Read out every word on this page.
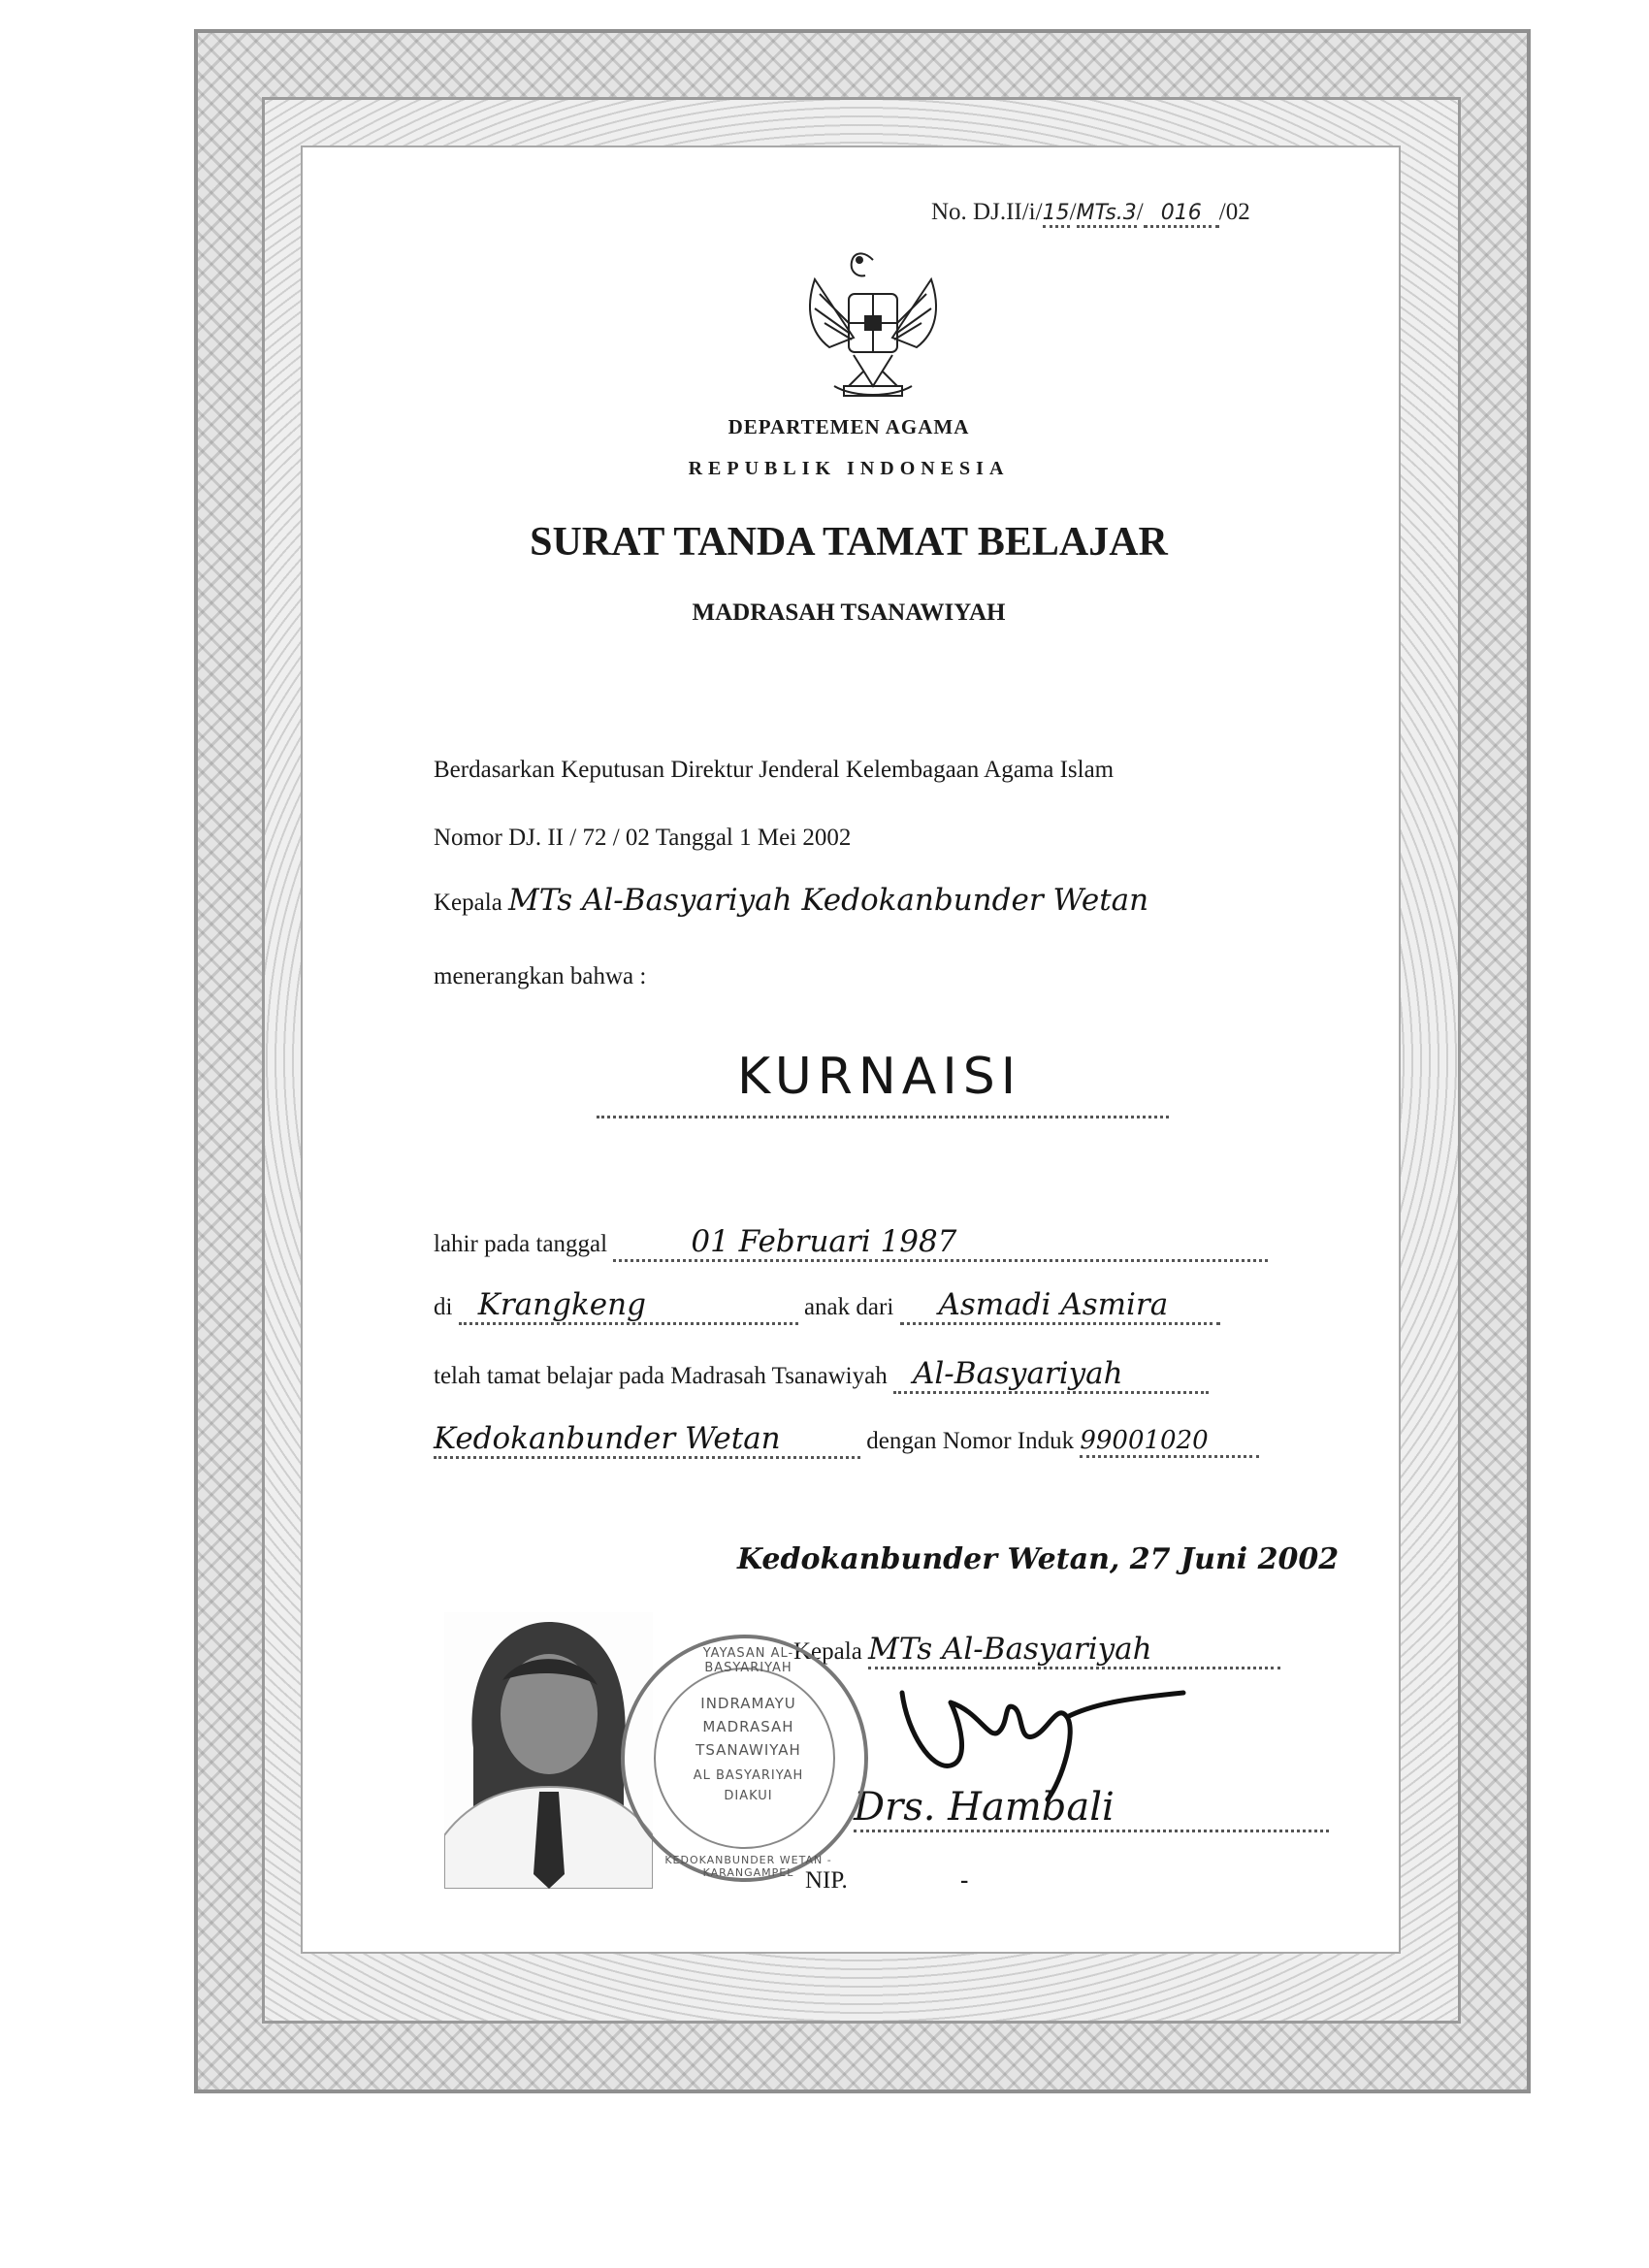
No. DJ.II/i/15/MTs.3/ 016 /02
DEPARTEMEN AGAMA
REPUBLIK INDONESIA
SURAT TANDA TAMAT BELAJAR
MADRASAH TSANAWIYAH
Berdasarkan Keputusan Direktur Jenderal Kelembagaan Agama Islam
Nomor DJ. II / 72 / 02 Tanggal 1 Mei 2002
Kepala MTs Al-Basyariyah Kedokanbunder Wetan
menerangkan bahwa :
KURNAISI
lahir pada tanggal	01 Februari 1987
di Krangkeng	anak dari Asmadi Asmira
telah tamat belajar pada Madrasah Tsanawiyah Al-Basyariyah
Kedokanbunder Wetan	dengan Nomor Induk 99001020
Kedokanbunder Wetan, 27 Juni 2002
Kepala MTs Al-Basyariyah
Drs. Hambali
NIP.	-
YAYASAN AL-BASYARIYAH
INDRAMAYU
MADRASAH
TSANAWIYAH
AL BASYARIYAH
DIAKUI
KEDOKANBUNDER WETAN - KARANGAMPEL
